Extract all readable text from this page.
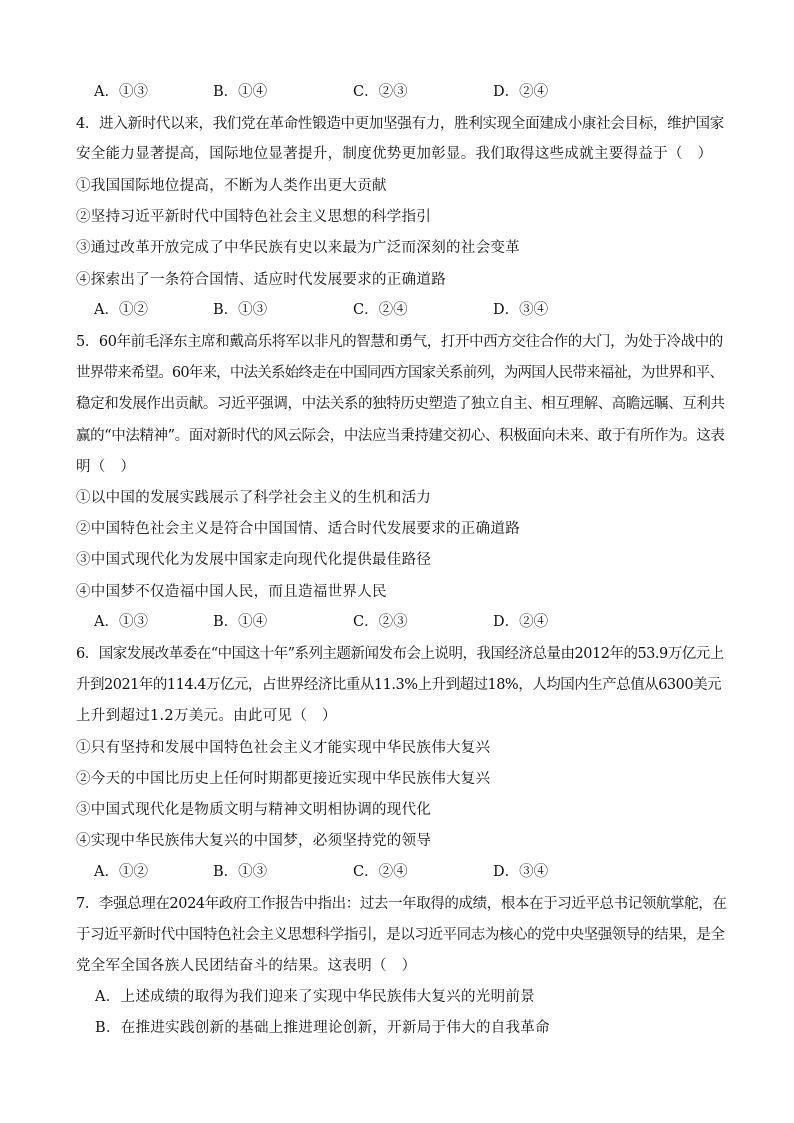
A．①③	B．①④	C．②③	D．②④
4．进入新时代以来，我们党在革命性锻造中更加坚强有力，胜利实现全面建成小康社会目标，维护国家
安全能力显著提高，国际地位显著提升，制度优势更加彰显。我们取得这些成就主要得益于（　）
①我国国际地位提高，不断为人类作出更大贡献
②坚持习近平新时代中国特色社会主义思想的科学指引
③通过改革开放完成了中华民族有史以来最为广泛而深刻的社会变革
④探索出了一条符合国情、适应时代发展要求的正确道路
A．①②	B．①③	C．②④	D．③④
5．60年前毛泽东主席和戴高乐将军以非凡的智慧和勇气，打开中西方交往合作的大门，为处于冷战中的
世界带来希望。60年来，中法关系始终走在中国同西方国家关系前列，为两国人民带来福祉，为世界和平、
稳定和发展作出贡献。习近平强调，中法关系的独特历史塑造了独立自主、相互理解、高瞻远瞩、互利共
赢的“中法精神”。面对新时代的风云际会，中法应当秉持建交初心、积极面向未来、敢于有所作为。这表
明（　）
①以中国的发展实践展示了科学社会主义的生机和活力
②中国特色社会主义是符合中国国情、适合时代发展要求的正确道路
③中国式现代化为发展中国家走向现代化提供最佳路径
④中国梦不仅造福中国人民，而且造福世界人民
A．①③	B．①④	C．②③	D．②④
6．国家发展改革委在“中国这十年”系列主题新闻发布会上说明，我国经济总量由2012年的53.9万亿元上
升到2021年的114.4万亿元，占世界经济比重从11.3%上升到超过18%，人均国内生产总值从6300美元
上升到超过1.2万美元。由此可见（　）
①只有坚持和发展中国特色社会主义才能实现中华民族伟大复兴
②今天的中国比历史上任何时期都更接近实现中华民族伟大复兴
③中国式现代化是物质文明与精神文明相协调的现代化
④实现中华民族伟大复兴的中国梦，必须坚持党的领导
A．①②	B．①③	C．②④	D．③④
7．李强总理在2024年政府工作报告中指出：过去一年取得的成绩，根本在于习近平总书记领航掌舵，在
于习近平新时代中国特色社会主义思想科学指引，是以习近平同志为核心的党中央坚强领导的结果，是全
党全军全国各族人民团结奋斗的结果。这表明（　）
A．上述成绩的取得为我们迎来了实现中华民族伟大复兴的光明前景
B．在推进实践创新的基础上推进理论创新，开新局于伟大的自我革命
